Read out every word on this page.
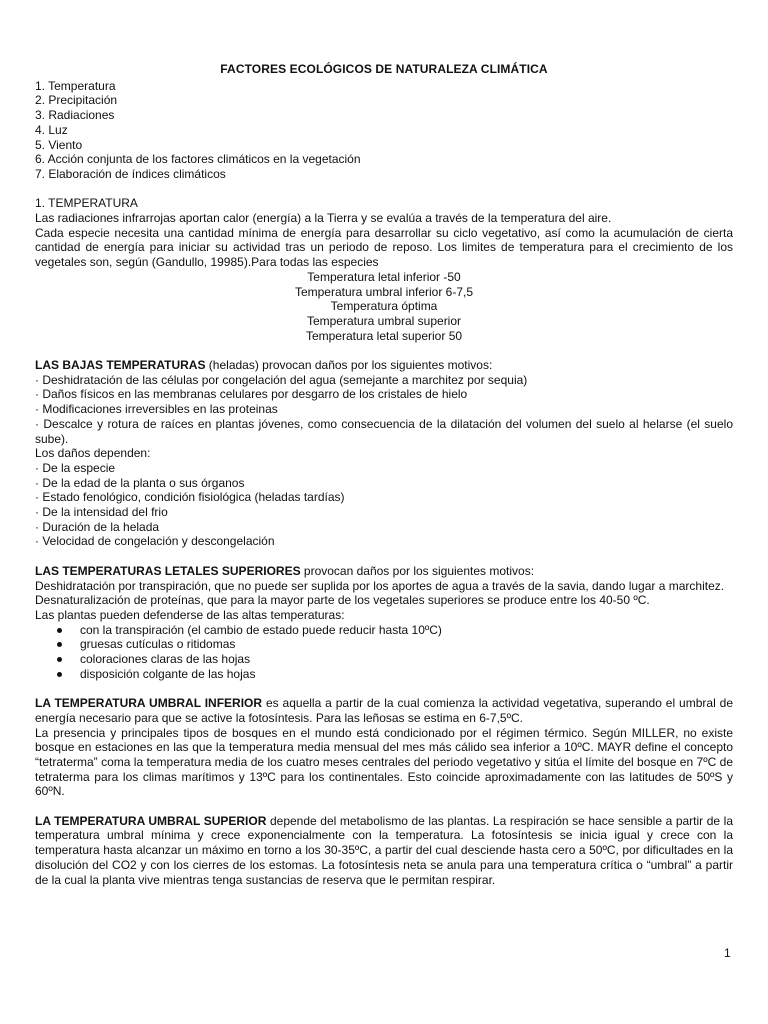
FACTORES ECOLÓGICOS DE NATURALEZA CLIMÁTICA

1. Temperatura

2. Precipitación

3. Radiaciones

4. Luz

5. Viento

6. Acción conjunta de los factores climáticos en la vegetación

7. Elaboración de índices climáticos

1. TEMPERATURA

Las radiaciones infrarrojas aportan calor (energía) a la Tierra y se evalúa a través de la temperatura del aire.

Cada especie necesita una cantidad mínima de energía para desarrollar su ciclo vegetativo, así como la acumulación de cierta cantidad de energía para iniciar su actividad tras un periodo de reposo. Los limites de temperatura para el crecimiento de los vegetales son, según (Gandullo, 19985).Para todas las especies

Temperatura letal inferior -50

Temperatura umbral inferior 6-7,5

Temperatura óptima

Temperatura umbral superior

Temperatura letal superior 50

LAS BAJAS TEMPERATURAS (heladas) provocan daños por los siguientes motivos:

· Deshidratación de las células por congelación del agua (semejante a marchitez por sequia)

· Daños físicos en las membranas celulares por desgarro de los cristales de hielo

· Modificaciones irreversibles en las proteinas

· Descalce y rotura de raíces en plantas jóvenes, como consecuencia de la dilatación del volumen del suelo al helarse (el suelo sube).

Los daños dependen:

· De la especie

· De la edad de la planta o sus órganos

· Estado fenológico, condición fisiológica (heladas tardías)

· De la intensidad del frio

· Duración de la helada

· Velocidad de congelación y descongelación

LAS TEMPERATURAS LETALES SUPERIORES provocan daños por los siguientes motivos:

Deshidratación por transpiración, que no puede ser suplida por los aportes de agua a través de la savia, dando lugar a marchitez.

Desnaturalización de proteínas, que para la mayor parte de los vegetales superiores se produce entre los 40-50 ºC.

Las plantas pueden defenderse de las altas temperaturas:

con la transpiración (el cambio de estado puede reducir hasta 10ºC)
gruesas cutículas o ritidomas
coloraciones claras de las hojas
disposición colgante de las hojas

LA TEMPERATURA UMBRAL INFERIOR es aquella a partir de la cual comienza la actividad vegetativa, superando el umbral de energía necesario para que se active la fotosíntesis. Para las leñosas se estima en 6-7,5ºC.

La presencia y principales tipos de bosques en el mundo está condicionado por el régimen térmico. Según MILLER, no existe bosque en estaciones en las que la temperatura media mensual del mes más cálido sea inferior a 10ºC. MAYR define el concepto “tetraterma” coma la temperatura media de los cuatro meses centrales del periodo vegetativo y sitúa el límite del bosque en 7ºC de tetraterma para los climas marítimos y 13ºC para los continentales. Esto coincide aproximadamente con las latitudes de 50ºS y 60ºN.

LA TEMPERATURA UMBRAL SUPERIOR depende del metabolismo de las plantas. La respiración se hace sensible a partir de la temperatura umbral mínima y crece exponencialmente con la temperatura. La fotosíntesis se inicia igual y crece con la temperatura hasta alcanzar un máximo en torno a los 30-35ºC, a partir del cual desciende hasta cero a 50ºC, por dificultades en la disolución del CO2 y con los cierres de los estomas. La fotosíntesis neta se anula para una temperatura crítica o “umbral” a partir de la cual la planta vive mientras tenga sustancias de reserva que le permitan respirar.

1
